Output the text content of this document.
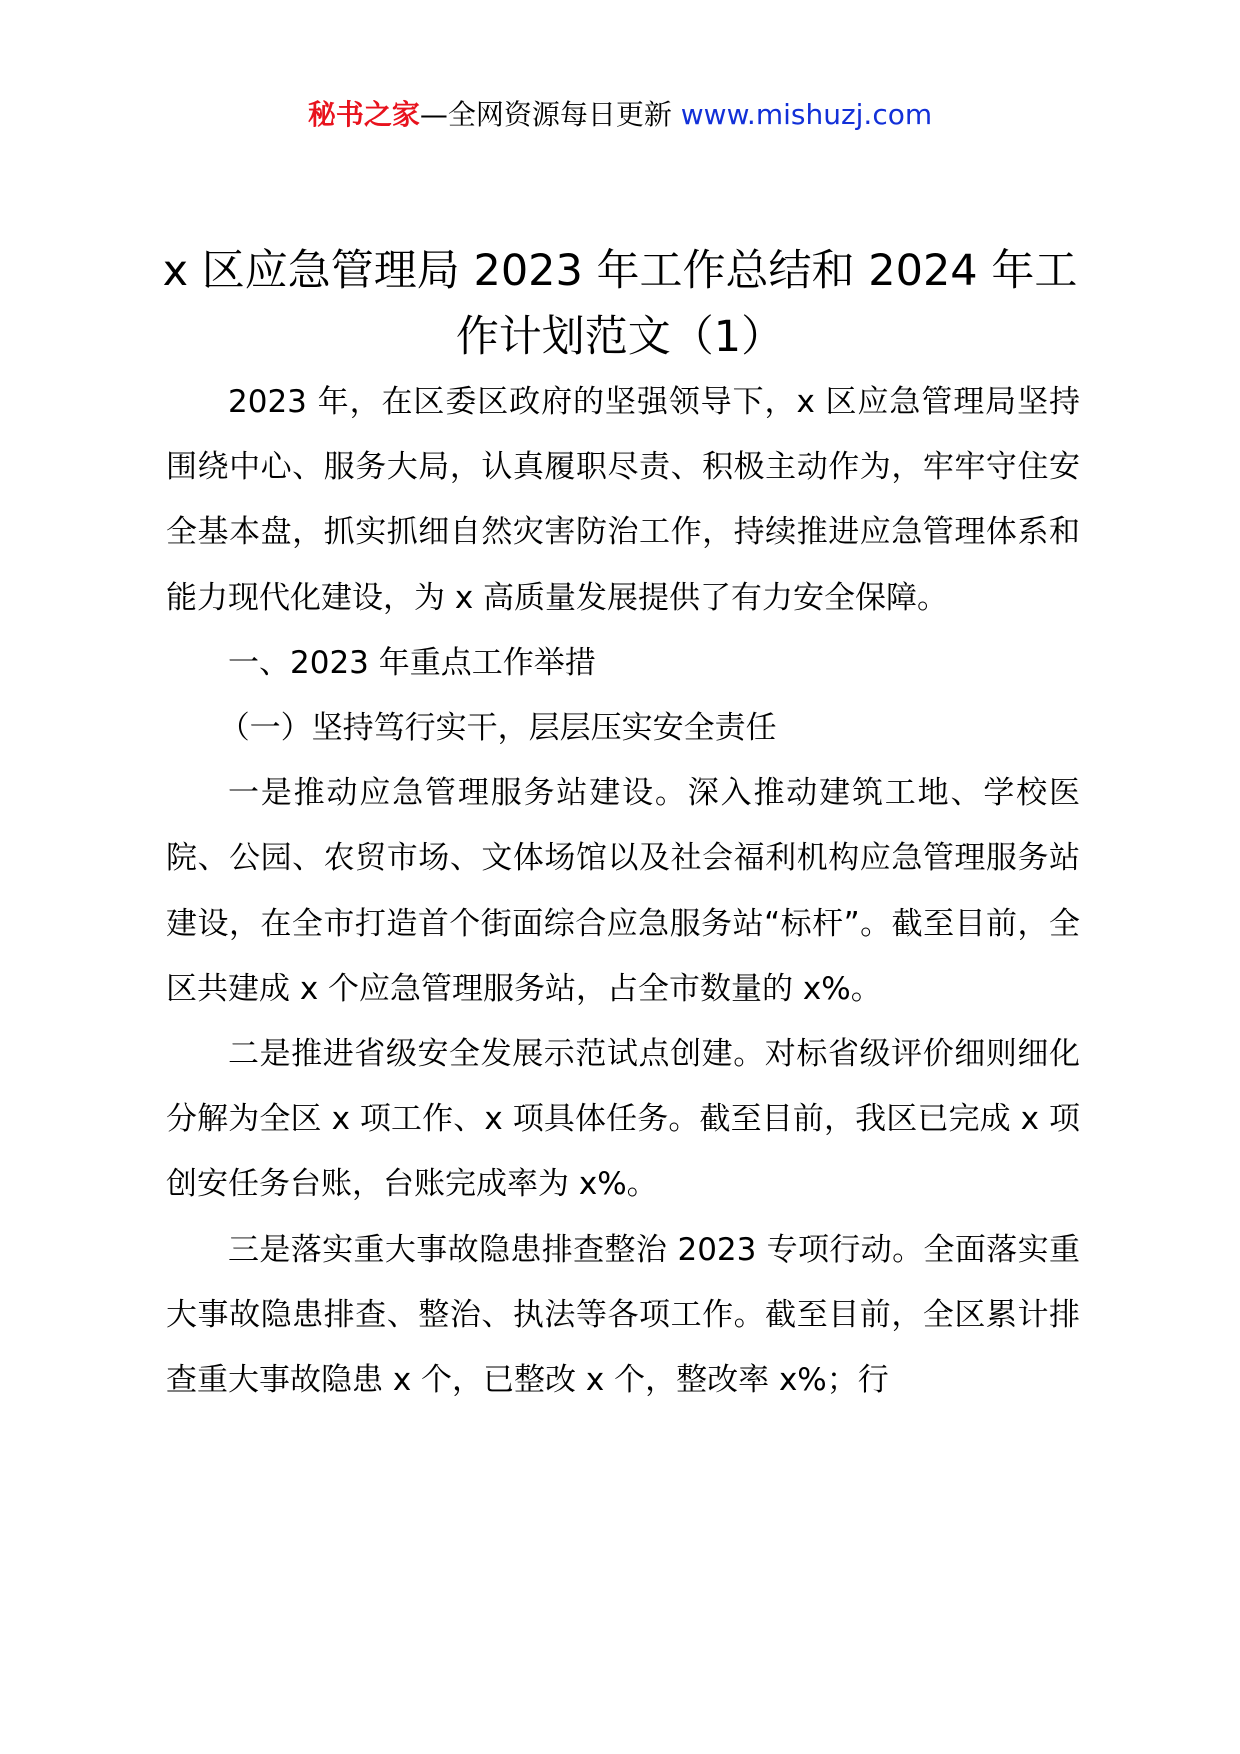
秘书之家—全网资源每日更新 www.mishuzj.com
x 区应急管理局 2023 年工作总结和 2024 年工作计划范文（1）

2023 年，在区委区政府的坚强领导下，x 区应急管理局坚持围绕中心、服务大局，认真履职尽责、积极主动作为，牢牢守住安全基本盘，抓实抓细自然灾害防治工作，持续推进应急管理体系和能力现代化建设，为 x 高质量发展提供了有力安全保障。

一、2023 年重点工作举措

（一）坚持笃行实干，层层压实安全责任

一是推动应急管理服务站建设。深入推动建筑工地、学校医院、公园、农贸市场、文体场馆以及社会福利机构应急管理服务站建设，在全市打造首个街面综合应急服务站“标杆”。截至目前，全区共建成 x 个应急管理服务站，占全市数量的 x%。

二是推进省级安全发展示范试点创建。对标省级评价细则细化分解为全区 x 项工作、x 项具体任务。截至目前，我区已完成 x 项创安任务台账，台账完成率为 x%。

三是落实重大事故隐患排查整治 2023 专项行动。全面落实重大事故隐患排查、整治、执法等各项工作。截至目前，全区累计排查重大事故隐患 x 个，已整改 x 个，整改率 x%；行
